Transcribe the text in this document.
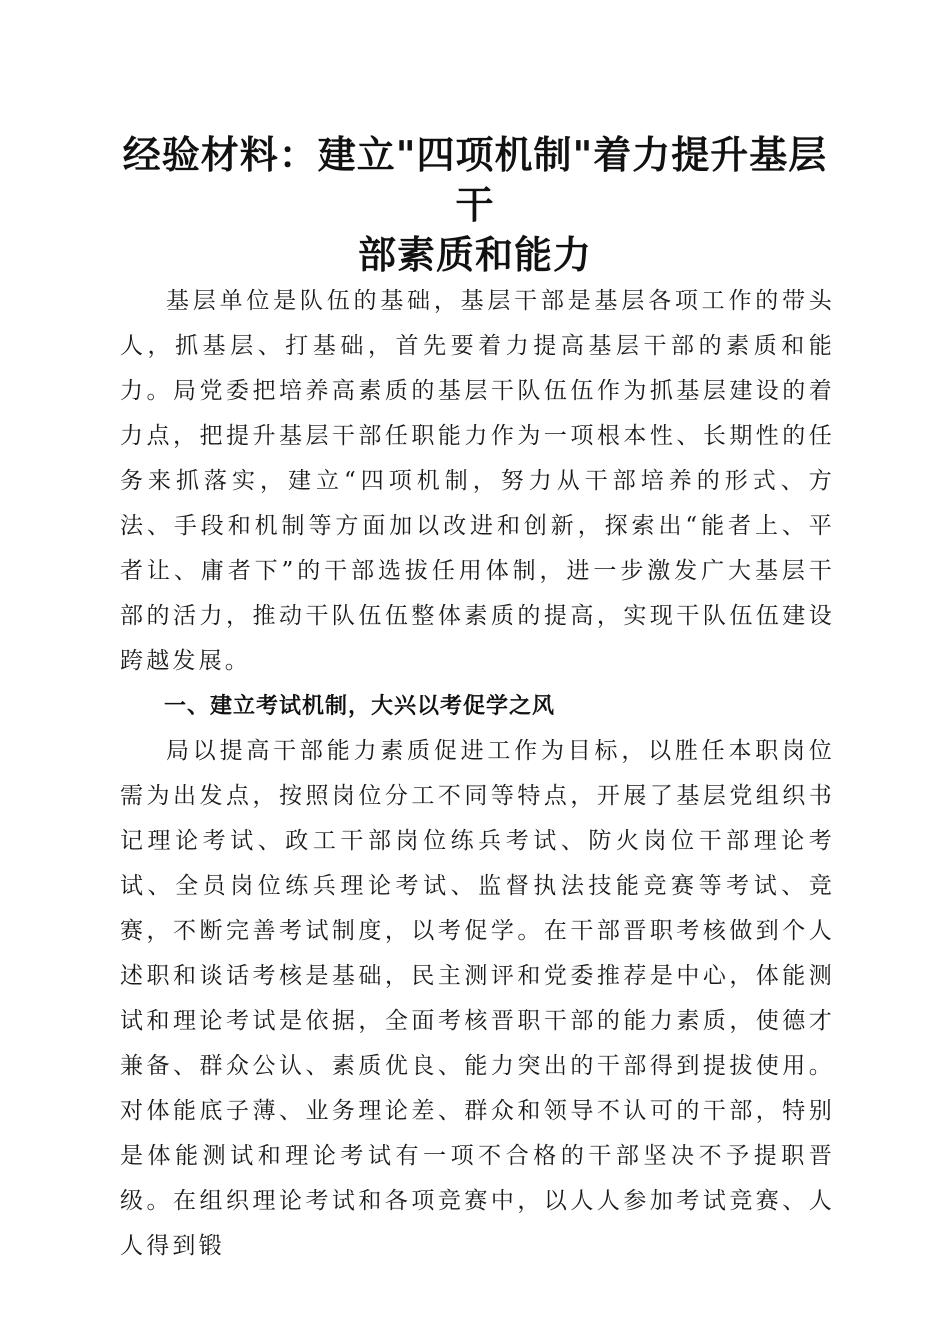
经验材料：建立"四项机制"着力提升基层干
部素质和能力

基层单位是队伍的基础，基层干部是基层各项工作的带头人，抓基层、打基础，首先要着力提高基层干部的素质和能力。局党委把培养高素质的基层干队伍伍作为抓基层建设的着力点，把提升基层干部任职能力作为一项根本性、长期性的任务来抓落实，建立“四项机制，努力从干部培养的形式、方法、手段和机制等方面加以改进和创新，探索出“能者上、平者让、庸者下”的干部选拔任用体制，进一步激发广大基层干部的活力，推动干队伍伍整体素质的提高，实现干队伍伍建设跨越发展。

一、建立考试机制，大兴以考促学之风

局以提高干部能力素质促进工作为目标，以胜任本职岗位需为出发点，按照岗位分工不同等特点，开展了基层党组织书记理论考试、政工干部岗位练兵考试、防火岗位干部理论考试、全员岗位练兵理论考试、监督执法技能竞赛等考试、竞赛，不断完善考试制度，以考促学。在干部晋职考核做到个人述职和谈话考核是基础，民主测评和党委推荐是中心，体能测试和理论考试是依据，全面考核晋职干部的能力素质，使德才兼备、群众公认、素质优良、能力突出的干部得到提拔使用。对体能底子薄、业务理论差、群众和领导不认可的干部，特别是体能测试和理论考试有一项不合格的干部坚决不予提职晋级。在组织理论考试和各项竞赛中，以人人参加考试竞赛、人人得到锻
